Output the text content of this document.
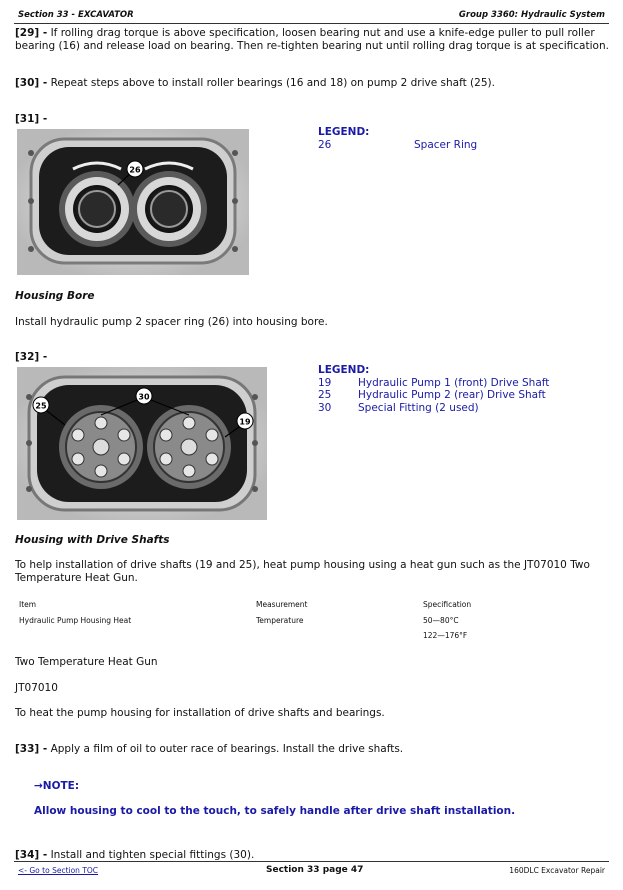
Section 33 - EXCAVATOR	Group 3360: Hydraulic System
[29] - If rolling drag torque is above specification, loosen bearing nut and use a knife-edge puller to pull roller bearing (16) and release load on bearing. Then re-tighten bearing nut until rolling drag torque is at specification.
[30] - Repeat steps above to install roller bearings (16 and 18) on pump 2 drive shaft (25).
[31] -
26
LEGEND:
26	Spacer Ring
Housing Bore
Install hydraulic pump 2 spacer ring (26) into housing bore.
[32] -
30
25
19
LEGEND:
19	Hydraulic Pump 1 (front) Drive Shaft
25	Hydraulic Pump 2 (rear) Drive Shaft
30	Special Fitting (2 used)
Housing with Drive Shafts
To help installation of drive shafts (19 and 25), heat pump housing using a heat gun such as the JT07010 Two Temperature Heat Gun.
Item	Measurement	Specification
Hydraulic Pump Housing Heat	Temperature	50—80°C
122—176°F
Two Temperature Heat Gun
JT07010
To heat the pump housing for installation of drive shafts and bearings.
[33] - Apply a film of oil to outer race of bearings. Install the drive shafts.
→NOTE:
Allow housing to cool to the touch, to safely handle after drive shaft installation.
[34] - Install and tighten special fittings (30).
<- Go to Section TOC	Section 33 page 47	160DLC Excavator Repair
